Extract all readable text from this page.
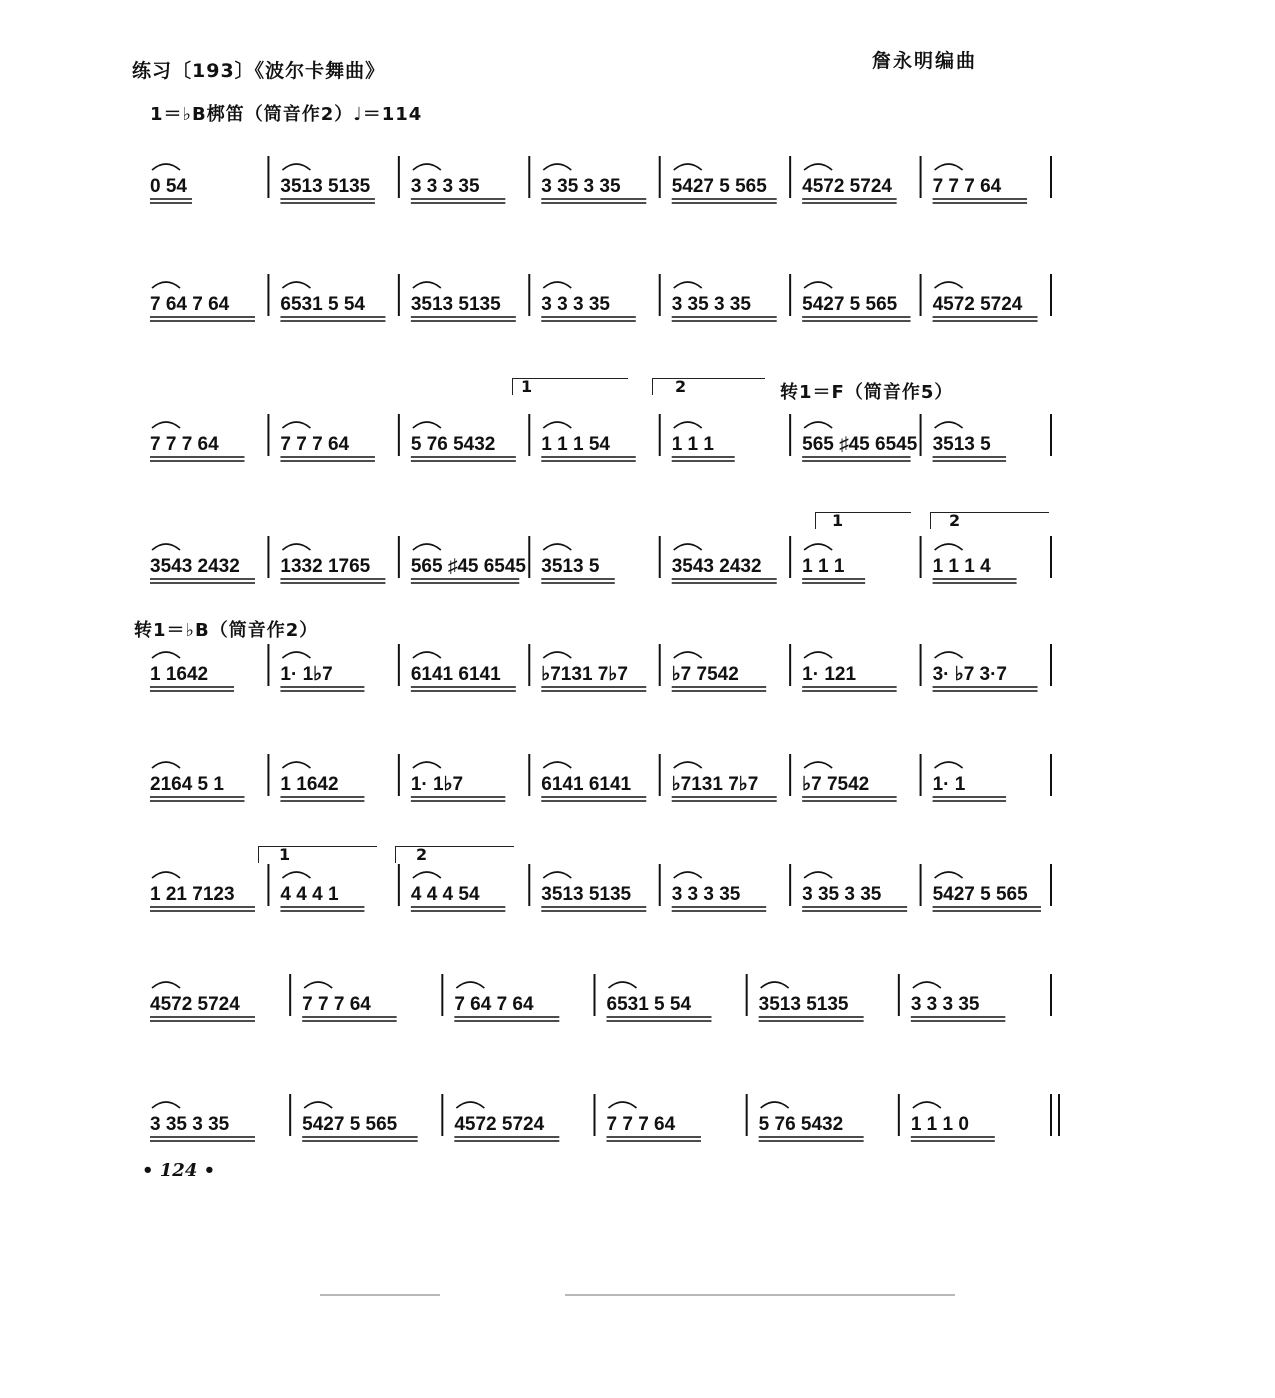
练习〔193〕《波尔卡舞曲》	詹永明编曲
1＝♭B梆笛（筒音作2）♩＝114
转1＝F（筒音作5）
转1＝♭B（筒音作2）
1	2
1	2
1	2
0 54	3513 5135 3 3 3 35	3 35 3 35	5427 5 565 4572 5724 7 7 7 64
7 64 7 64	6531 5 54 3513 5135 3 3 3 35	3 35 3 35	5427 5 565 4572 5724
7 7 7 64	7 7 7 64	5 76 5432 1 1 1 54	1 1 1	565 ♯45 6545 3513 5
3543 2432 1332 1765 565 ♯45 6545 3513 5	3543 2432 1 1 1	1 1 1 4
1 1642	1· 1♭7	6141 6141 ♭7131 7♭7 ♭7 7542	1· 121	3· ♭7 3·7
2164 5 1	1 1642	1· 1♭7	6141 6141 ♭7131 7♭7 ♭7 7542	1· 1
1 21 7123 4 4 4 1	4 4 4 54	3513 5135 3 3 3 35	3 35 3 35	5427 5 565
4572 5724	7 7 7 64	7 64 7 64	6531 5 54	3513 5135	3 3 3 35
3 35 3 35	5427 5 565	4572 5724	7 7 7 64	5 76 5432	1 1 1 0
• 124 •
